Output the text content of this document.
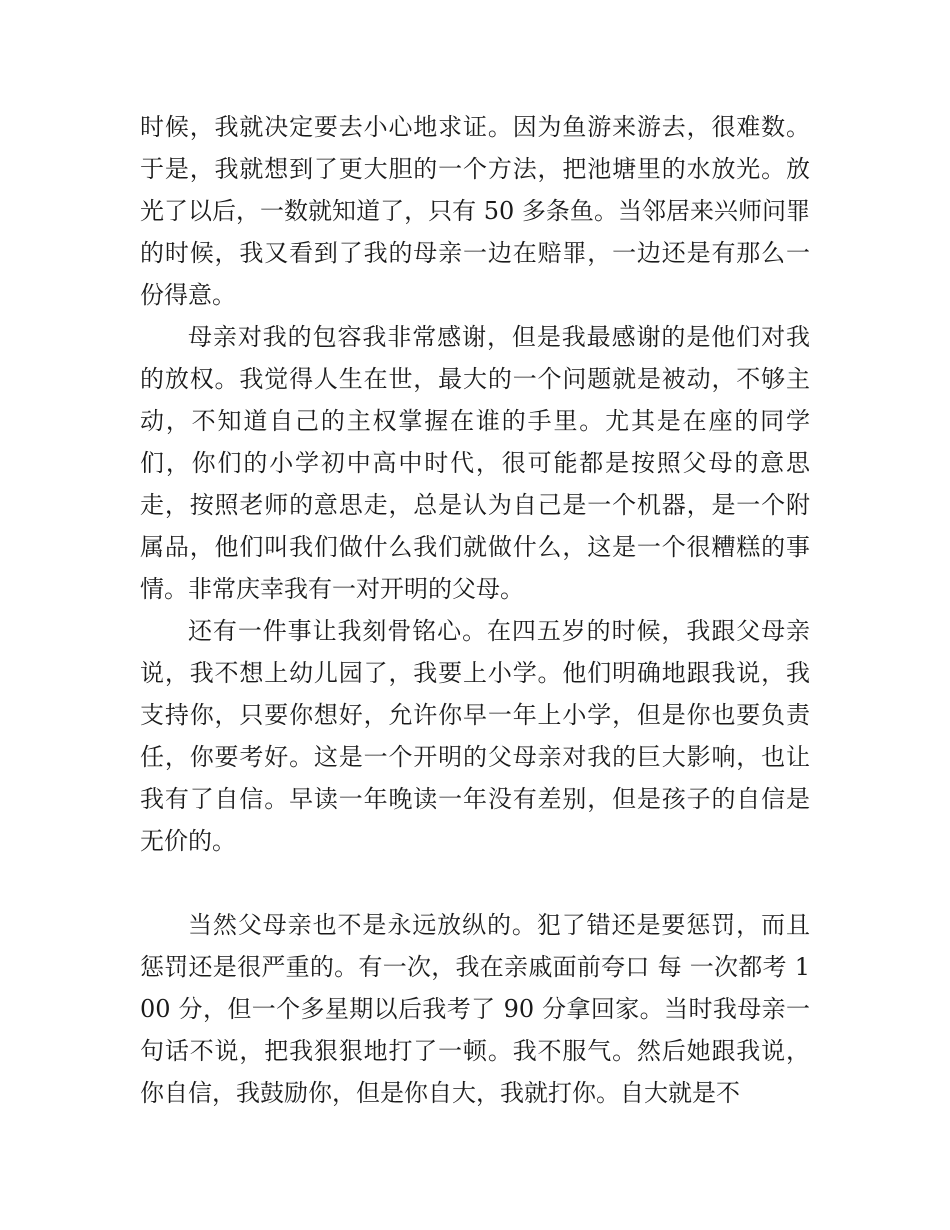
时候，我就决定要去小心地求证。因为鱼游来游去，很难数。于是，我就想到了更大胆的一个方法，把池塘里的水放光。放光了以后，一数就知道了，只有 50 多条鱼。当邻居来兴师问罪的时候，我又看到了我的母亲一边在赔罪，一边还是有那么一份得意。

母亲对我的包容我非常感谢，但是我最感谢的是他们对我的放权。我觉得人生在世，最大的一个问题就是被动，不够主动，不知道自己的主权掌握在谁的手里。尤其是在座的同学们，你们的小学初中高中时代，很可能都是按照父母的意思走，按照老师的意思走，总是认为自己是一个机器，是一个附属品，他们叫我们做什么我们就做什么，这是一个很糟糕的事情。非常庆幸我有一对开明的父母。

还有一件事让我刻骨铭心。在四五岁的时候，我跟父母亲说，我不想上幼儿园了，我要上小学。他们明确地跟我说，我支持你，只要你想好，允许你早一年上小学，但是你也要负责任，你要考好。这是一个开明的父母亲对我的巨大影响，也让我有了自信。早读一年晚读一年没有差别，但是孩子的自信是无价的。

当然父母亲也不是永远放纵的。犯了错还是要惩罚，而且惩罚还是很严重的。有一次，我在亲戚面前夸口 每 一次都考 100 分，但一个多星期以后我考了 90 分拿回家。当时我母亲一句话不说，把我狠狠地打了一顿。我不服气。然后她跟我说，你自信，我鼓励你，但是你自大，我就打你。自大就是不
